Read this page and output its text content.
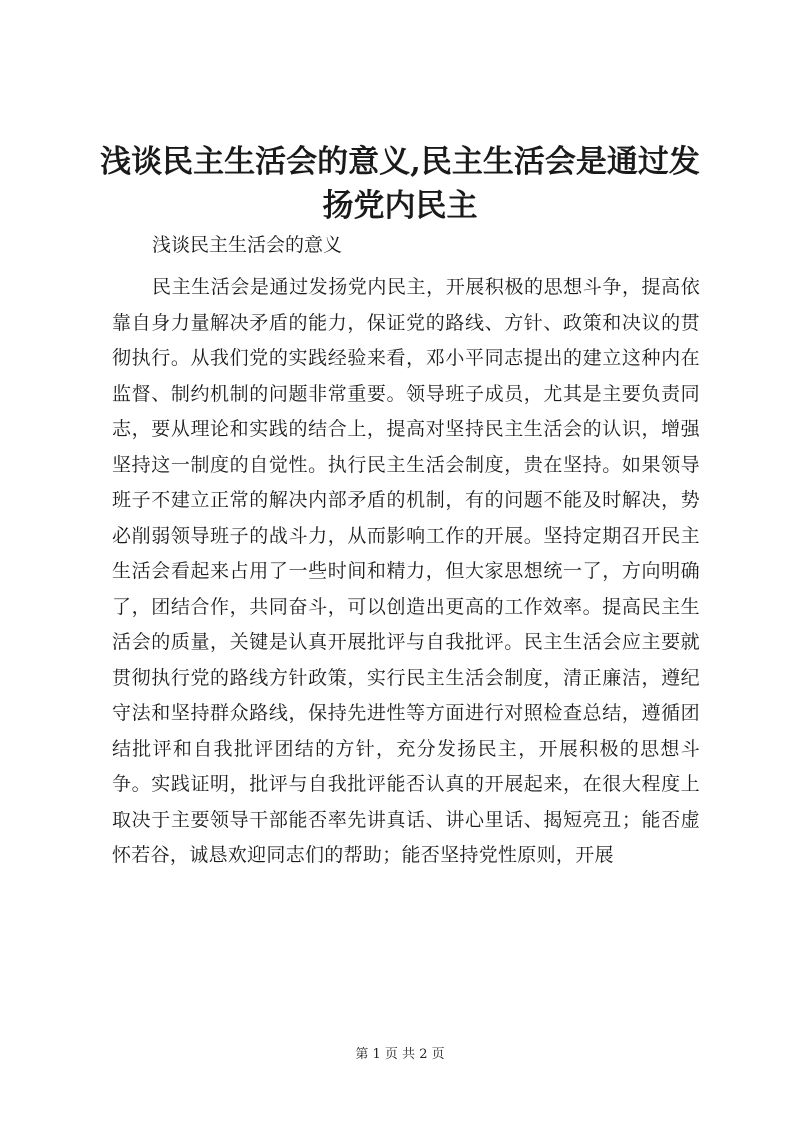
浅谈民主生活会的意义,民主生活会是通过发扬党内民主

浅谈民主生活会的意义

民主生活会是通过发扬党内民主，开展积极的思想斗争，提高依靠自身力量解决矛盾的能力，保证党的路线、方针、政策和决议的贯彻执行。从我们党的实践经验来看，邓小平同志提出的建立这种内在监督、制约机制的问题非常重要。领导班子成员，尤其是主要负责同志，要从理论和实践的结合上，提高对坚持民主生活会的认识，增强坚持这一制度的自觉性。执行民主生活会制度，贵在坚持。如果领导班子不建立正常的解决内部矛盾的机制，有的问题不能及时解决，势必削弱领导班子的战斗力，从而影响工作的开展。坚持定期召开民主生活会看起来占用了一些时间和精力，但大家思想统一了，方向明确了，团结合作，共同奋斗，可以创造出更高的工作效率。提高民主生活会的质量，关键是认真开展批评与自我批评。民主生活会应主要就贯彻执行党的路线方针政策，实行民主生活会制度，清正廉洁，遵纪守法和坚持群众路线，保持先进性等方面进行对照检查总结，遵循团结批评和自我批评团结的方针，充分发扬民主，开展积极的思想斗争。实践证明，批评与自我批评能否认真的开展起来，在很大程度上取决于主要领导干部能否率先讲真话、讲心里话、揭短亮丑；能否虚怀若谷，诚恳欢迎同志们的帮助；能否坚持党性原则，开展

第 1 页 共 2 页
